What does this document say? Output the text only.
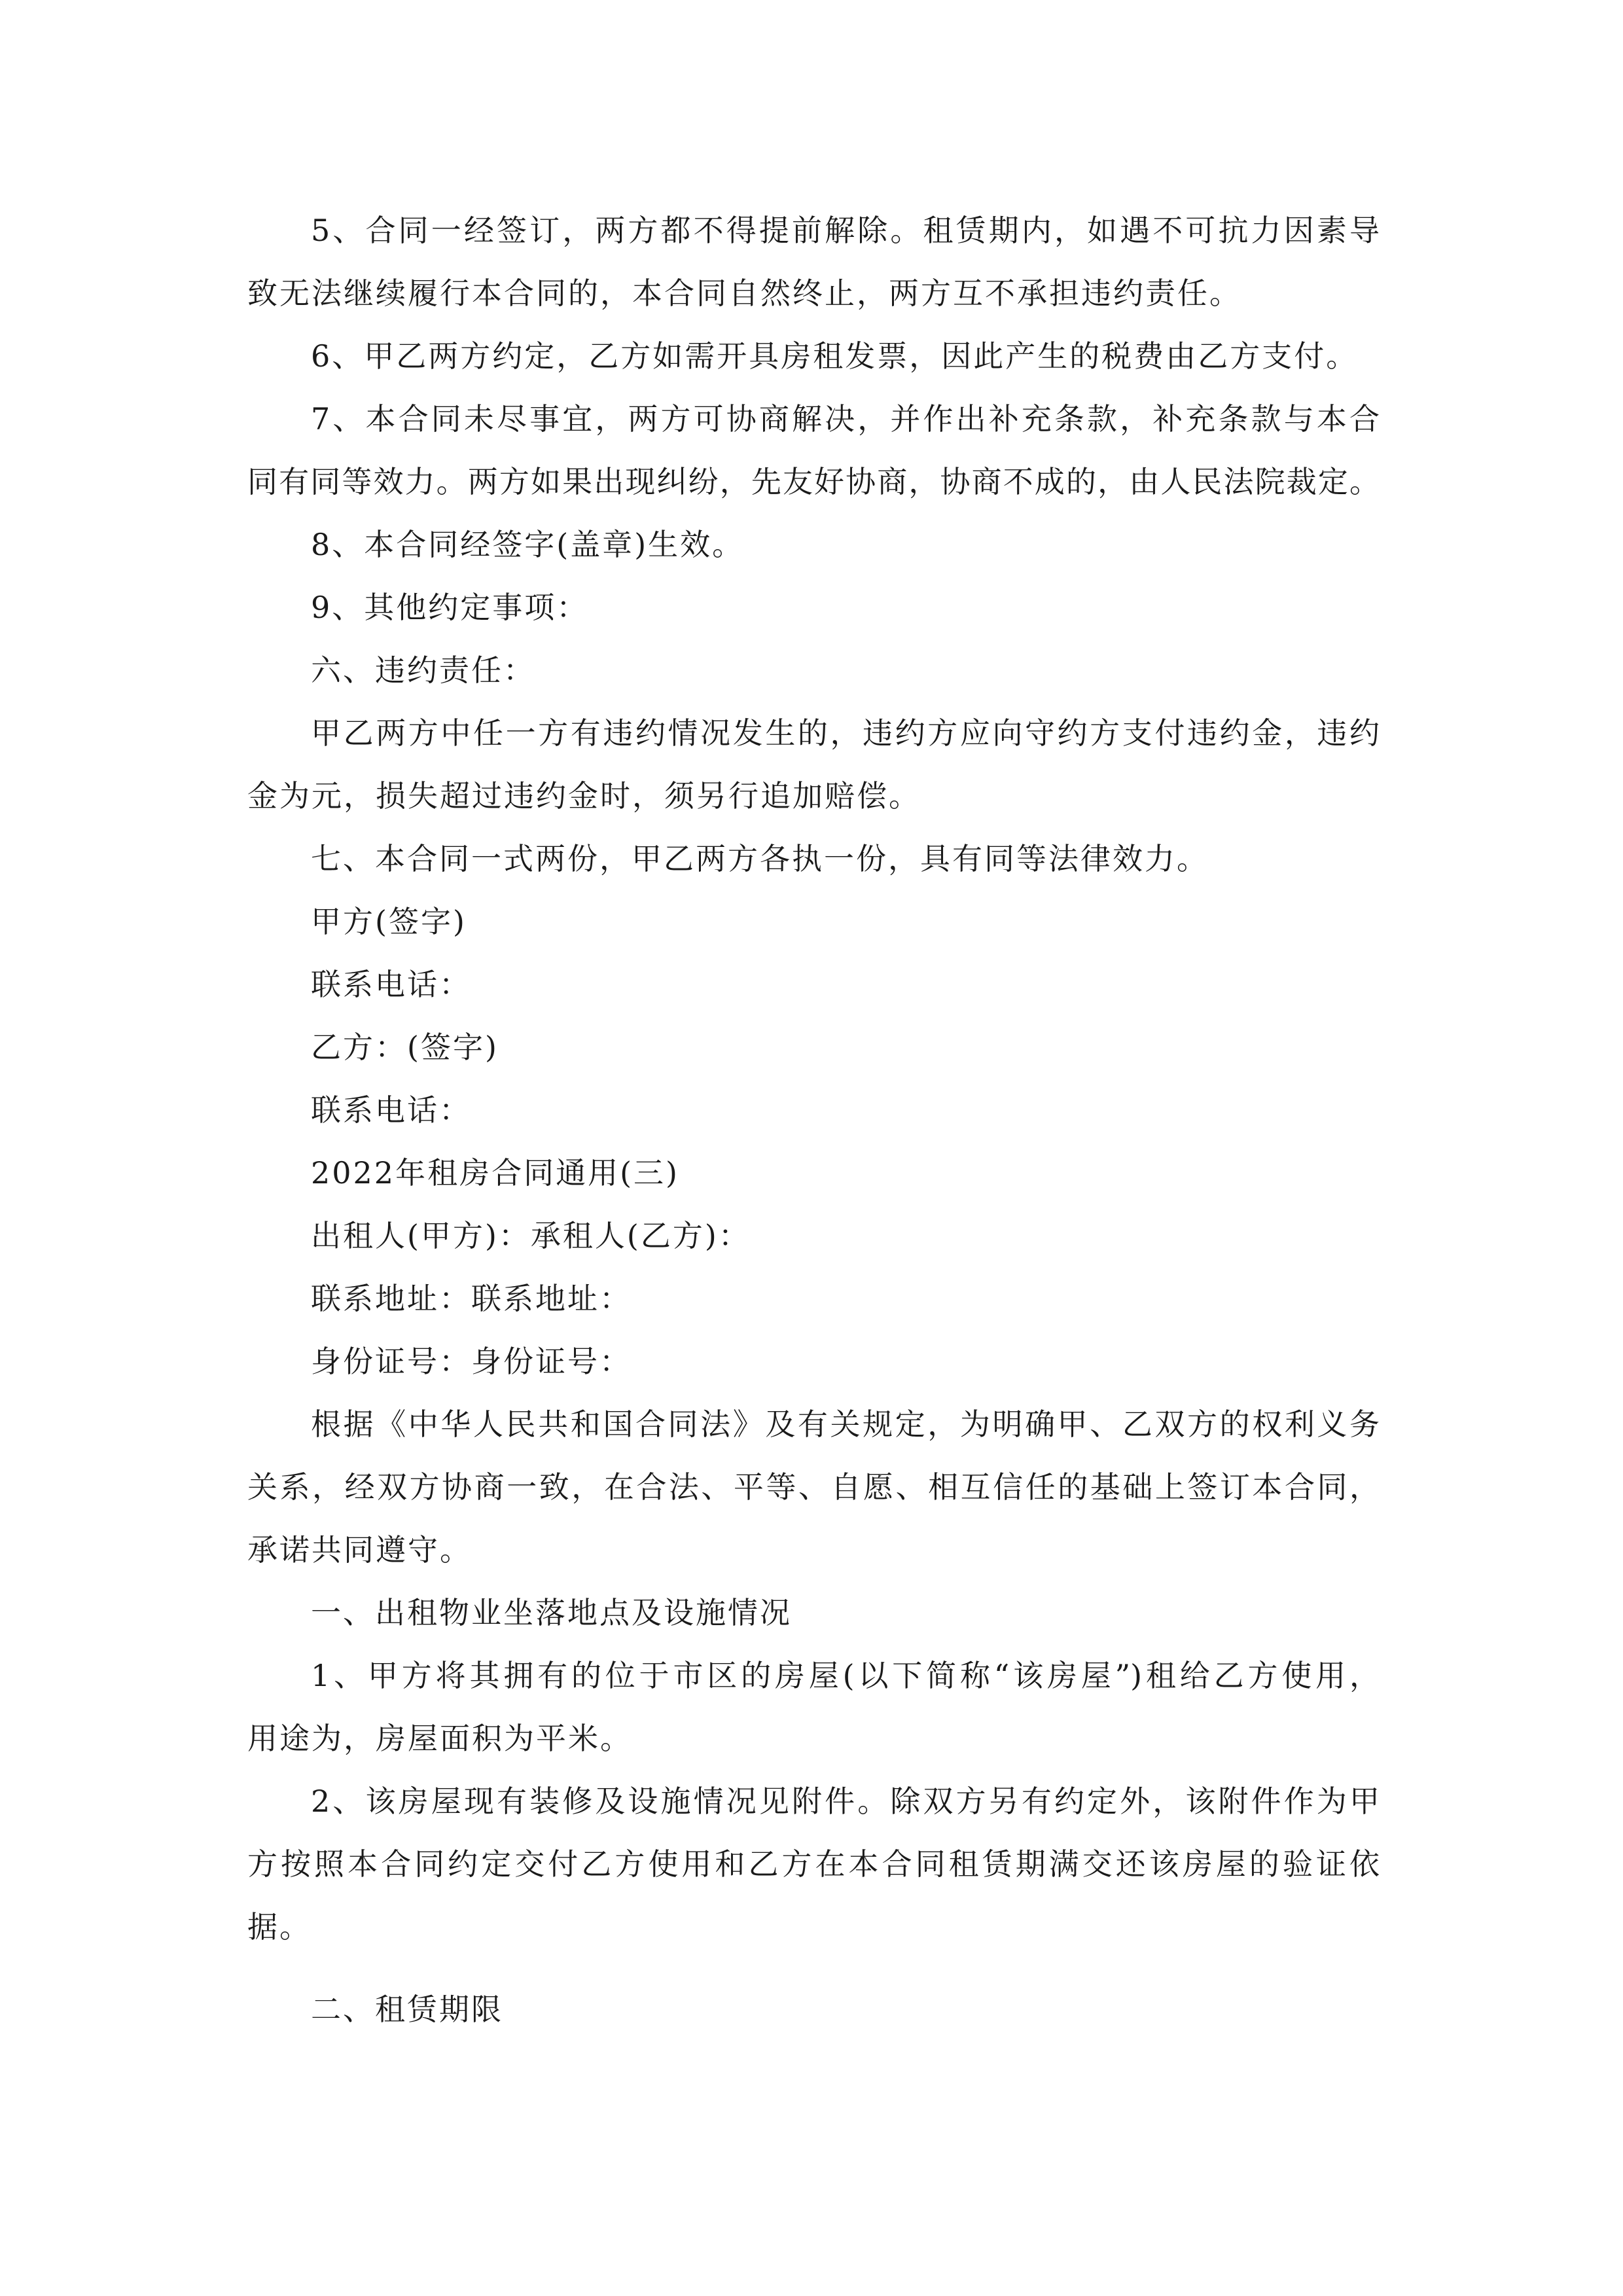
5、合同一经签订，两方都不得提前解除。租赁期内，如遇不可抗力因素导
致无法继续履行本合同的，本合同自然终止，两方互不承担违约责任。
6、甲乙两方约定，乙方如需开具房租发票，因此产生的税费由乙方支付。
7、本合同未尽事宜，两方可协商解决，并作出补充条款，补充条款与本合
同有同等效力。两方如果出现纠纷，先友好协商，协商不成的，由人民法院裁定。
8、本合同经签字(盖章)生效。
9、其他约定事项：
六、违约责任：
甲乙两方中任一方有违约情况发生的，违约方应向守约方支付违约金，违约
金为元，损失超过违约金时，须另行追加赔偿。
七、本合同一式两份，甲乙两方各执一份，具有同等法律效力。
甲方(签字)
联系电话：
乙方：(签字)
联系电话：
2022年租房合同通用(三)
出租人(甲方)：承租人(乙方)：
联系地址：联系地址：
身份证号：身份证号：
根据《中华人民共和国合同法》及有关规定，为明确甲、乙双方的权利义务
关系，经双方协商一致，在合法、平等、自愿、相互信任的基础上签订本合同，
承诺共同遵守。
一、出租物业坐落地点及设施情况
1、甲方将其拥有的位于市区的房屋(以下简称“该房屋”)租给乙方使用，
用途为，房屋面积为平米。
2、该房屋现有装修及设施情况见附件。除双方另有约定外，该附件作为甲
方按照本合同约定交付乙方使用和乙方在本合同租赁期满交还该房屋的验证依
据。
二、租赁期限
